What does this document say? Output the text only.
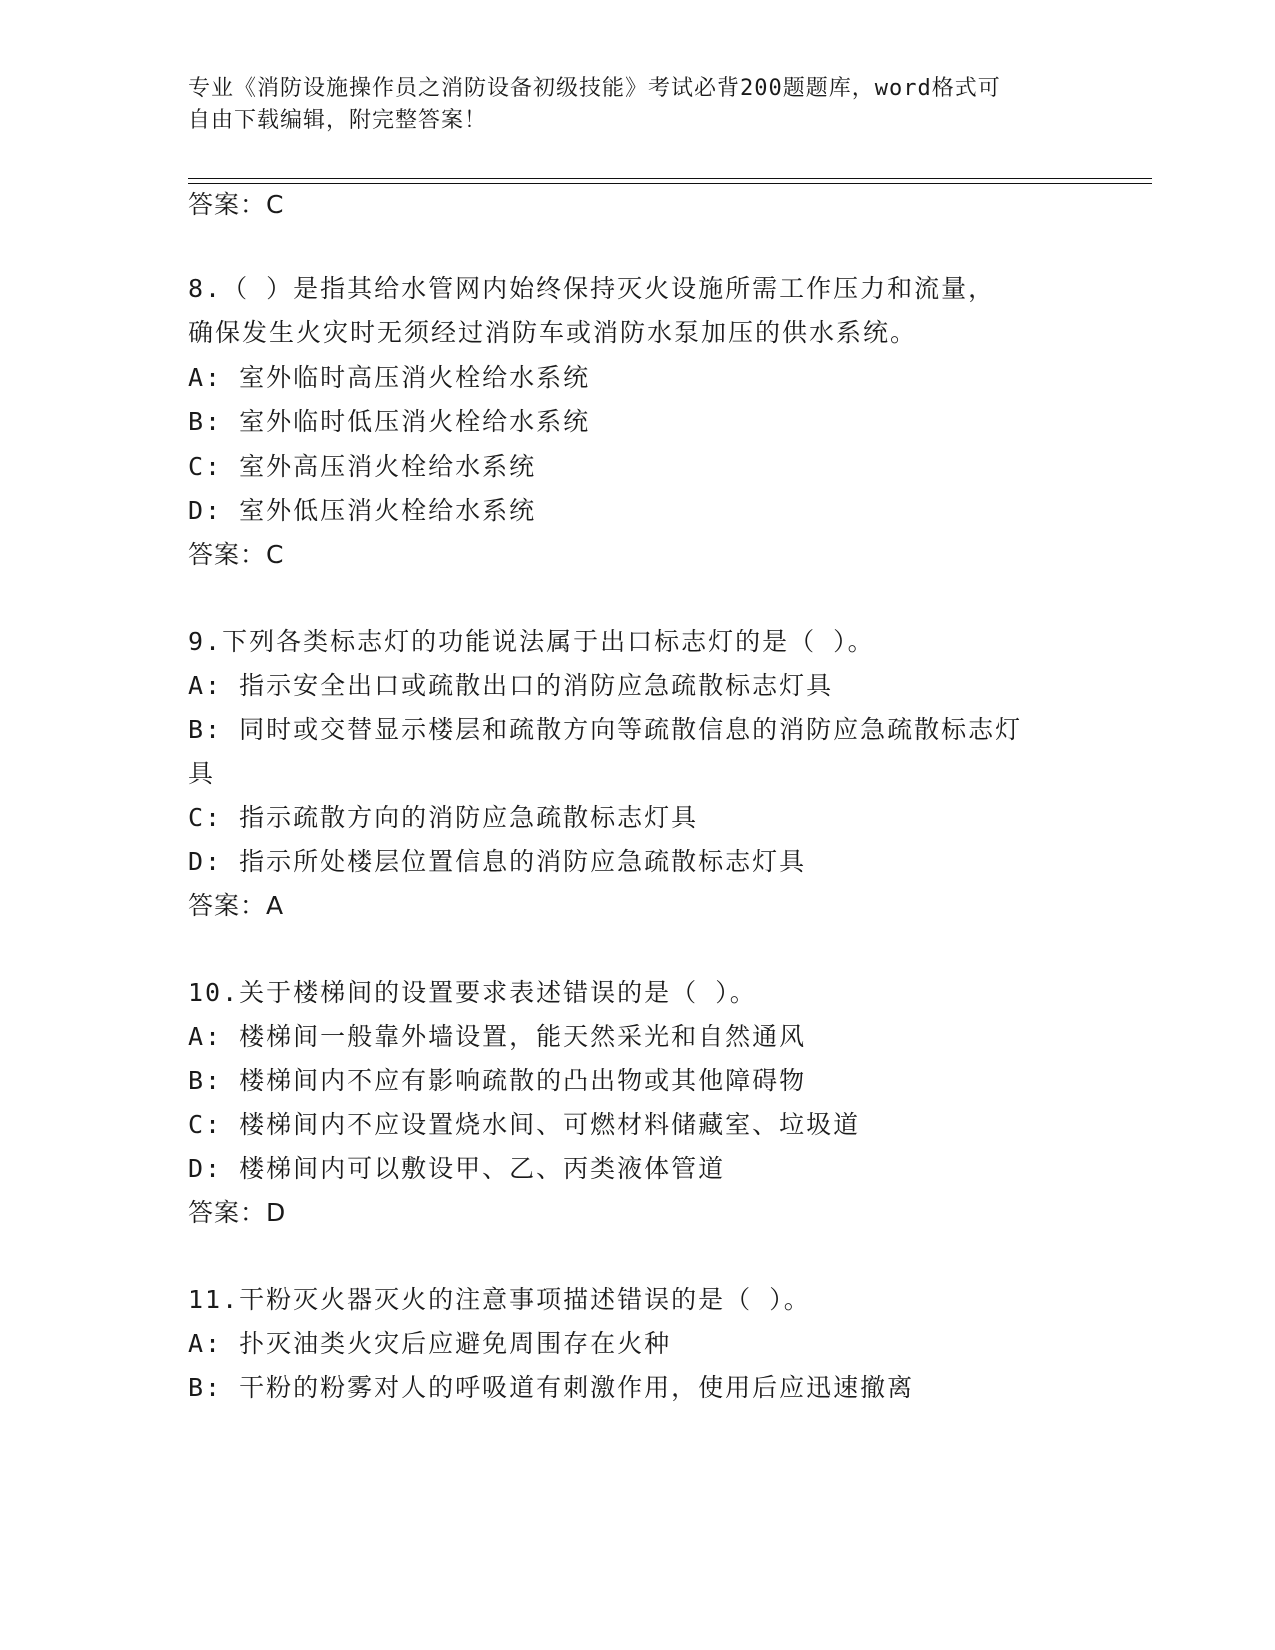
专业《消防设施操作员之消防设备初级技能》考试必背200题题库，word格式可
自由下载编辑，附完整答案！
答案：C
8.（ ）是指其给水管网内始终保持灭火设施所需工作压力和流量，
确保发生火灾时无须经过消防车或消防水泵加压的供水系统。
A: 室外临时高压消火栓给水系统
B: 室外临时低压消火栓给水系统
C: 室外高压消火栓给水系统
D: 室外低压消火栓给水系统
答案：C
9.下列各类标志灯的功能说法属于出口标志灯的是（ ）。
A: 指示安全出口或疏散出口的消防应急疏散标志灯具
B: 同时或交替显示楼层和疏散方向等疏散信息的消防应急疏散标志灯
具
C: 指示疏散方向的消防应急疏散标志灯具
D: 指示所处楼层位置信息的消防应急疏散标志灯具
答案：A
10.关于楼梯间的设置要求表述错误的是（ ）。
A: 楼梯间一般靠外墙设置，能天然采光和自然通风
B: 楼梯间内不应有影响疏散的凸出物或其他障碍物
C: 楼梯间内不应设置烧水间、可燃材料储藏室、垃圾道
D: 楼梯间内可以敷设甲、乙、丙类液体管道
答案：D
11.干粉灭火器灭火的注意事项描述错误的是（ ）。
A: 扑灭油类火灾后应避免周围存在火种
B: 干粉的粉雾对人的呼吸道有刺激作用，使用后应迅速撤离
